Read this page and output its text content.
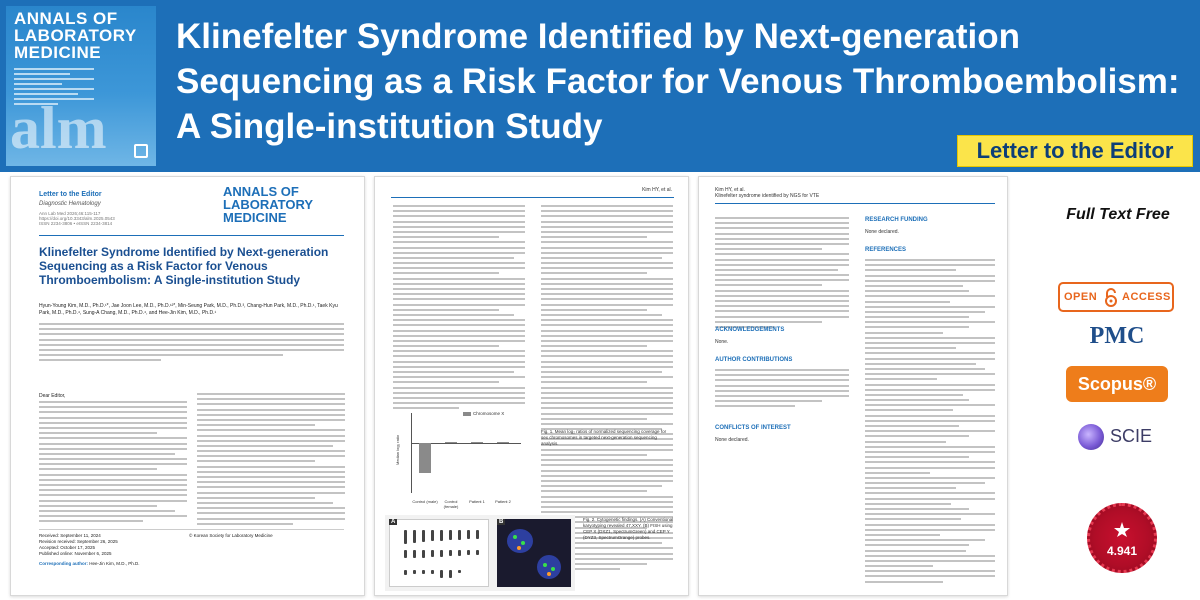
ANNALS OF LABORATORY MEDICINE
alm
Klinefelter Syndrome Identified by Next-generation Sequencing as a Risk Factor for Venous Thromboembolism: A Single-institution Study
Letter to the Editor
Letter to the Editor
Diagnostic Hematology
Ann Lab Med 2026;46:115-117
https://doi.org/10.3343/alm.2025.0543
ISSN 2234-3806 • eISSN 2234-3814
ANNALS OF LABORATORY MEDICINE
Klinefelter Syndrome Identified by Next-generation Sequencing as a Risk Factor for Venous Thromboembolism: A Single-institution Study
Hyun-Young Kim, M.D., Ph.D.¹*, Jae Joon Lee, M.D., Ph.D.¹²*, Min-Seung Park, M.D., Ph.D.³, Chang-Hun Park, M.D., Ph.D.¹, Taek Kyu Park, M.D., Ph.D.⁴, Sung-A Chang, M.D., Ph.D.⁴, and Hee-Jin Kim, M.D., Ph.D.¹
Dear Editor,
Received: September 11, 2024
Revision received: September 26, 2025
Accepted: October 17, 2025
Published online: November 6, 2025
Corresponding author: Hee-Jin Kim, M.D., Ph.D.
© Korean Society for Laboratory Medicine
Kim HY, et al.
Chromosome X
Median log₂ ratio
Control (male)	Control (female)
Patient 1	Patient 2
Fig. 1. Mean log₂ ratios of normalized sequencing coverage for sex chromosomes in targeted next-generation sequencing analysis.
A	B	Fig. 2. Cytogenetic findings. (A) Conventional karyotyping revealed 47,XXY. (B) FISH using CEP X (DXZ1, SpectrumGreen) and CEP Y (DYZ3, SpectrumOrange) probes.
Kim HY, et al.
Klinefelter syndrome identified by NGS for VTE
ACKNOWLEDGEMENTS
None.
AUTHOR CONTRIBUTIONS
CONFLICTS OF INTEREST
None declared.
RESEARCH FUNDING
None declared.
REFERENCES
Full Text Free
OPEN ACCESS
PMC
Scopus®
SCIE
4.941
